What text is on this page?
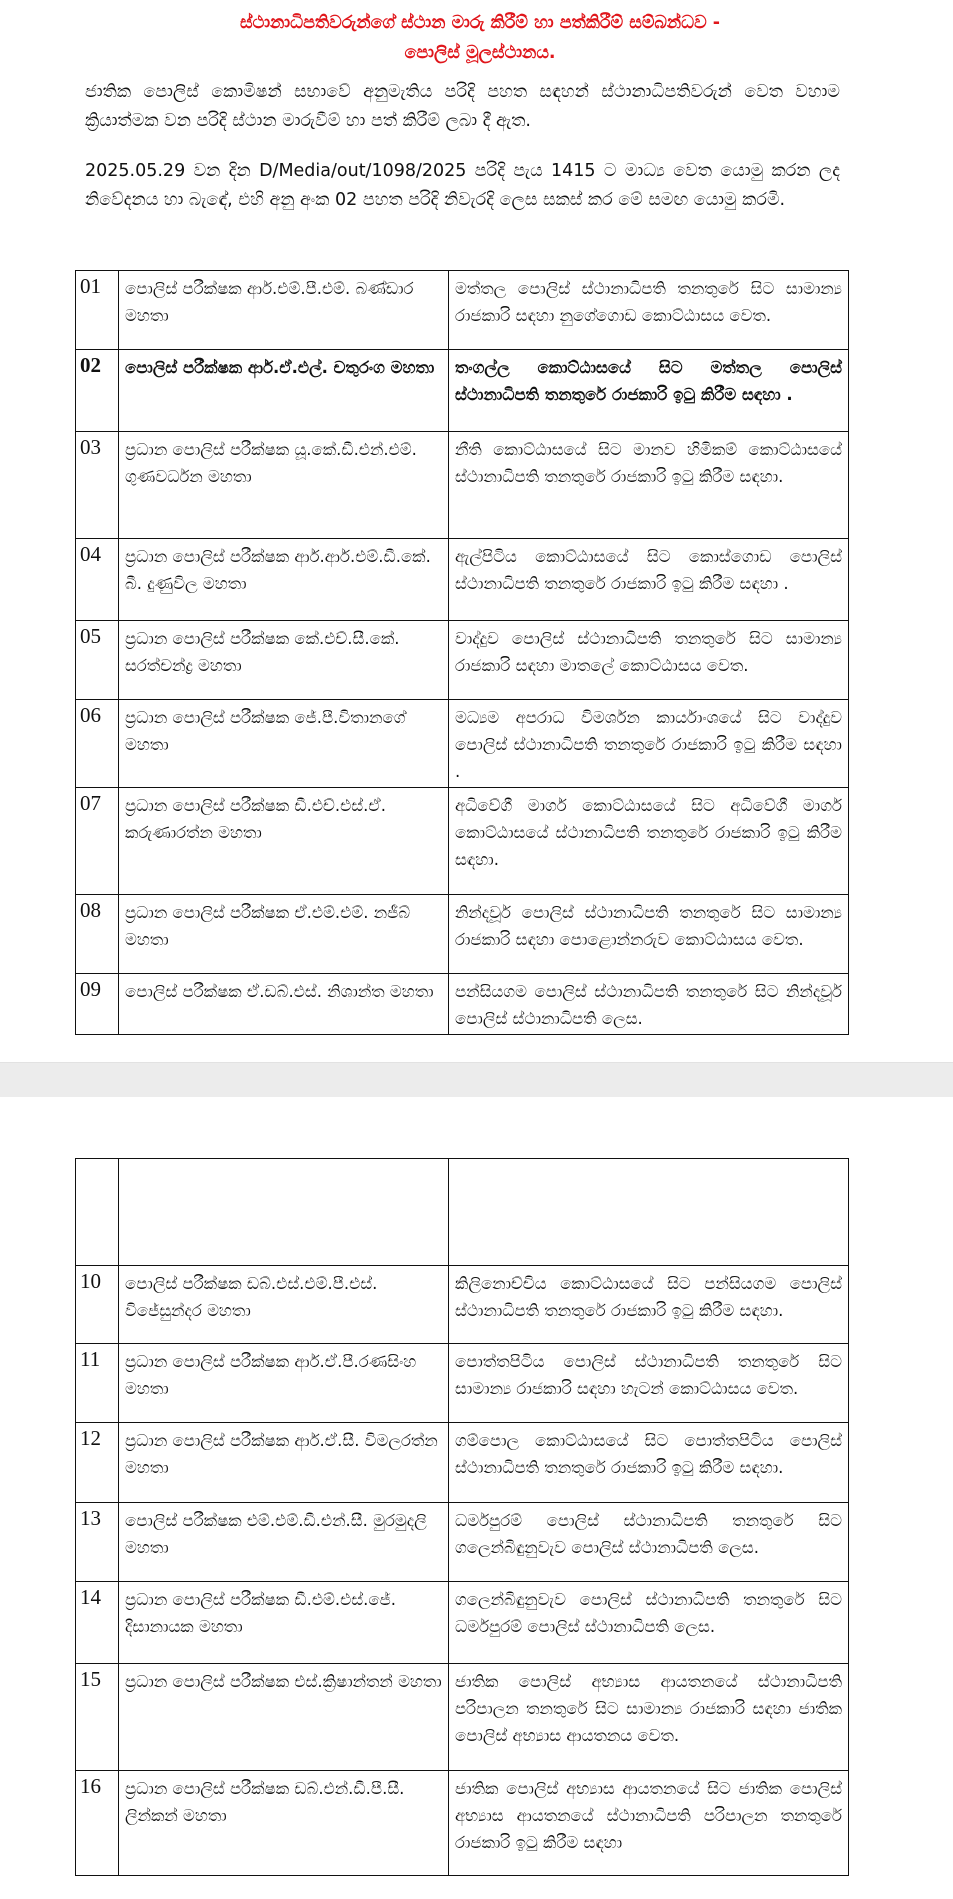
ස්ථානාධිපතිවරුන්ගේ ස්ථාන මාරු කිරීම් හා පත්කිරීම් සම්බන්ධව -
පොලිස් මූලස්ථානය.
ජාතික පොලිස් කොමිෂන් සභාවේ අනුමැතිය පරිදි පහත සඳහන් ස්ථානාධිපතිවරුන් වෙත වහාම ක්‍රියාත්මක වන පරිදි ස්ථාන මාරුවීම් හා පත් කිරීම් ලබා දී ඇත.
2025.05.29 වන දින D/Media/out/1098/2025 පරිදි පැය 1415 ට මාධ්‍ය වෙත යොමු කරන ලද නිවේදනය හා බැඳේ, එහි අනු අංක 02 පහත පරිදි නිවැරදි ලෙස සකස් කර මේ සමඟ යොමු කරමි.
01	පොලිස් පරීක්ෂක ආර්.එම්.පී.එම්. බණ්ඩාර මහතා	මත්තල පොලිස් ස්ථානාධිපති තනතුරේ සිට සාමාන්‍ය රාජකාරි සඳහා නුගේගොඩ කොට්ඨාසය වෙත.
02	පොලිස් පරීක්ෂක ආර්.ඒ.එල්. චතුරංග මහතා	තංගල්ල කොට්ඨාසයේ සිට මත්තල පොලිස් ස්ථානාධිපති තනතුරේ රාජකාරි ඉටු කිරීම සඳහා .
03	ප්‍රධාන පොලිස් පරීක්ෂක යූ.කේ.ඩී.එන්.එම්. ගුණවර්ධන මහතා	නීති කොට්ඨාසයේ සිට මානව හිමිකම් කොට්ඨාසයේ ස්ථානාධිපති තනතුරේ රාජකාරි ඉටු කිරීම සඳහා.
04	ප්‍රධාන පොලිස් පරීක්ෂක ආර්.ආර්.එම්.ඩී.කේ. බී. දුණුවිල මහතා	ඇල්පිටිය කොට්ඨාසයේ සිට කොස්ගොඩ පොලිස් ස්ථානාධිපති තනතුරේ රාජකාරි ඉටු කිරීම සඳහා .
05	ප්‍රධාන පොලිස් පරීක්ෂක කේ.එච්.සී.කේ. සරත්චන්ද්‍ර මහතා	වාද්දුව පොලිස් ස්ථානාධිපති තනතුරේ සිට සාමාන්‍ය රාජකාරි සඳහා මාතලේ කොට්ඨාසය වෙත.
06	ප්‍රධාන පොලිස් පරීක්ෂක ජේ.පී.විතානගේ මහතා	මධ්‍යම අපරාධ විමර්ශන කාර්යාංශයේ සිට වාද්දුව පොලිස් ස්ථානාධිපති තනතුරේ රාජකාරි ඉටු කිරීම සඳහා .
07	ප්‍රධාන පොලිස් පරීක්ෂක ඩී.එච්.එස්.ඒ. කරුණාරත්න මහතා	අධිවේගී මාර්ග කොට්ඨාසයේ සිට අධිවේගී මාර්ග කොට්ඨාසයේ ස්ථානාධිපති තනතුරේ රාජකාරි ඉටු කිරීම සඳහා.
08	ප්‍රධාන පොලිස් පරීක්ෂක ඒ.එම්.එම්. නජීබ් මහතා	නින්දවූර් පොලිස් ස්ථානාධිපති තනතුරේ සිට සාමාන්‍ය රාජකාරි සඳහා පොළොන්නරුව කොට්ඨාසය වෙත.
09	පොලිස් පරීක්ෂක ඒ.ඩබ්.එස්. නිශාන්ත මහතා	පන්සියගම පොලිස් ස්ථානාධිපති තනතුරේ සිට නින්දවූර් පොලිස් ස්ථානාධිපති ලෙස.

10	පොලිස් පරීක්ෂක ඩබ්.එස්.එම්.පී.එස්. විජේසුන්දර මහතා	කිලිනොච්චිය කොට්ඨාසයේ සිට පන්සියගම පොලිස් ස්ථානාධිපති තනතුරේ රාජකාරි ඉටු කිරීම සඳහා.
11	ප්‍රධාන පොලිස් පරීක්ෂක ආර්.ඒ.පී.රණසිංහ මහතා	පොත්තපිටිය පොලිස් ස්ථානාධිපති තනතුරේ සිට සාමාන්‍ය රාජකාරි සඳහා හැටන් කොට්ඨාසය වෙත.
12	ප්‍රධාන පොලිස් පරීක්ෂක ආර්.ඒ.සී. විමලරත්න මහතා	ගම්පොල කොට්ඨාසයේ සිට පොත්තපිටිය පොලිස් ස්ථානාධිපති තනතුරේ රාජකාරි ඉටු කිරීම සඳහා.
13	පොලිස් පරීක්ෂක එම්.එම්.ඩී.එන්.සී. මුරමුදලි මහතා	ධර්මපුරම් පොලිස් ස්ථානාධිපති තනතුරේ සිට ගලෙන්බිඳුනුවැව පොලිස් ස්ථානාධිපති ලෙස.
14	ප්‍රධාන පොලිස් පරීක්ෂක ඩී.එම්.එස්.ජේ. දිසානායක මහතා	ගලෙන්බිඳුනුවැව පොලිස් ස්ථානාධිපති තනතුරේ සිට ධර්මපුරම් පොලිස් ස්ථානාධිපති ලෙස.
15	ප්‍රධාන පොලිස් පරීක්ෂක එස්.ක්‍රිෂාන්තන් මහතා	ජාතික පොලිස් අභ්‍යාස ආයතනයේ ස්ථානාධිපති පරිපාලන තනතුරේ සිට සාමාන්‍ය රාජකාරි සඳහා ජාතික පොලිස් අභ්‍යාස ආයතනය වෙත.
16	ප්‍රධාන පොලිස් පරීක්ෂක ඩබ්.එන්.ඩී.පී.සී. ලින්කන් මහතා	ජාතික පොලිස් අභ්‍යාස ආයතනයේ සිට ජාතික පොලිස් අභ්‍යාස ආයතනයේ ස්ථානාධිපති පරිපාලන තනතුරේ රාජකාරි ඉටු කිරීම සඳහා
